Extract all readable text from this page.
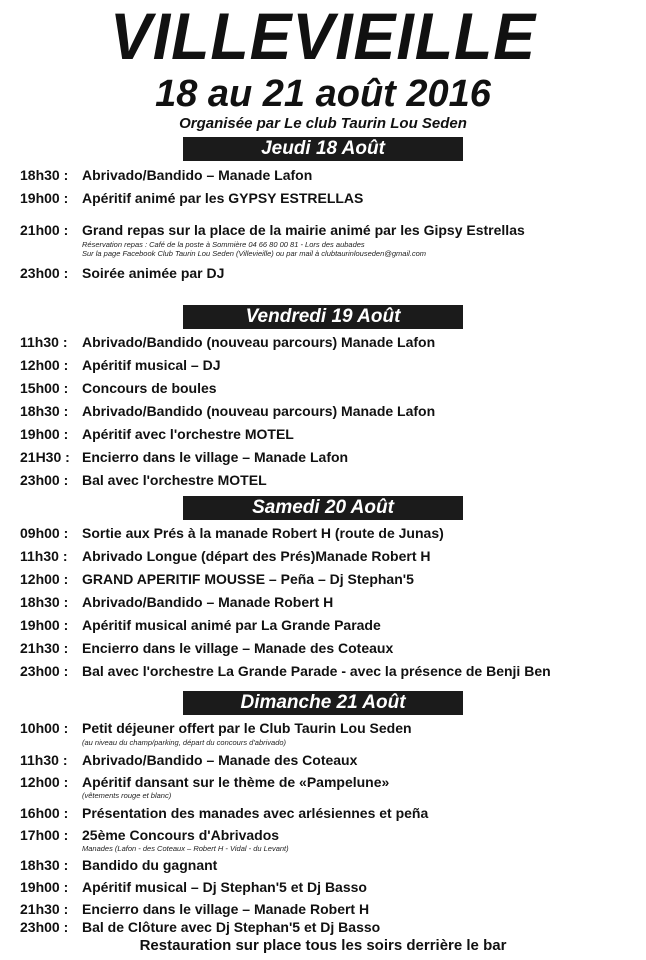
VILLEVIEILLE
18 au 21 août 2016
Organisée par Le club Taurin Lou Seden
Jeudi 18 Août
18h30 : Abrivado/Bandido – Manade Lafon
19h00 : Apéritif animé par les GYPSY ESTRELLAS
21h00 : Grand repas sur la place de la mairie animé par les Gipsy Estrellas
Réservation repas : Café de la poste à Sommière 04 66 80 00 81 - Lors des aubades
Sur la page Facebook Club Taurin Lou Seden (Villevieille) ou par mail à clubtaurinlouseden@gmail.com
23h00 : Soirée animée par DJ
Vendredi 19 Août
11h30 : Abrivado/Bandido (nouveau parcours) Manade Lafon
12h00 : Apéritif musical – DJ
15h00 : Concours de boules
18h30 : Abrivado/Bandido (nouveau parcours) Manade Lafon
19h00 : Apéritif avec l'orchestre MOTEL
21H30 : Encierro dans le village – Manade Lafon
23h00 : Bal avec l'orchestre MOTEL
Samedi 20 Août
09h00 : Sortie aux Prés à la manade Robert H (route de Junas)
11h30 : Abrivado Longue (départ des Prés)Manade Robert H
12h00 : GRAND APERITIF MOUSSE – Peña – Dj Stephan'5
18h30 : Abrivado/Bandido – Manade Robert H
19h00 : Apéritif musical animé par La Grande Parade
21h30 : Encierro dans le village – Manade des Coteaux
23h00 : Bal avec l'orchestre La Grande Parade - avec la présence de Benji Ben
Dimanche 21 Août
10h00 : Petit déjeuner offert par le Club Taurin Lou Seden
(au niveau du champ/parking, départ du concours d'abrivado)
11h30 : Abrivado/Bandido – Manade des Coteaux
12h00 : Apéritif dansant sur le thème de «Pampelune»
(vêtements rouge et blanc)
16h00 : Présentation des manades avec arlésiennes et peña
17h00 : 25ème Concours d'Abrivados
Manades (Lafon - des Coteaux – Robert H - Vidal - du Levant)
18h30 : Bandido du gagnant
19h00 : Apéritif musical – Dj Stephan'5 et Dj Basso
21h30 : Encierro dans le village – Manade Robert H
23h00 : Bal de Clôture avec Dj Stephan'5 et Dj Basso
Restauration sur place tous les soirs derrière le bar
